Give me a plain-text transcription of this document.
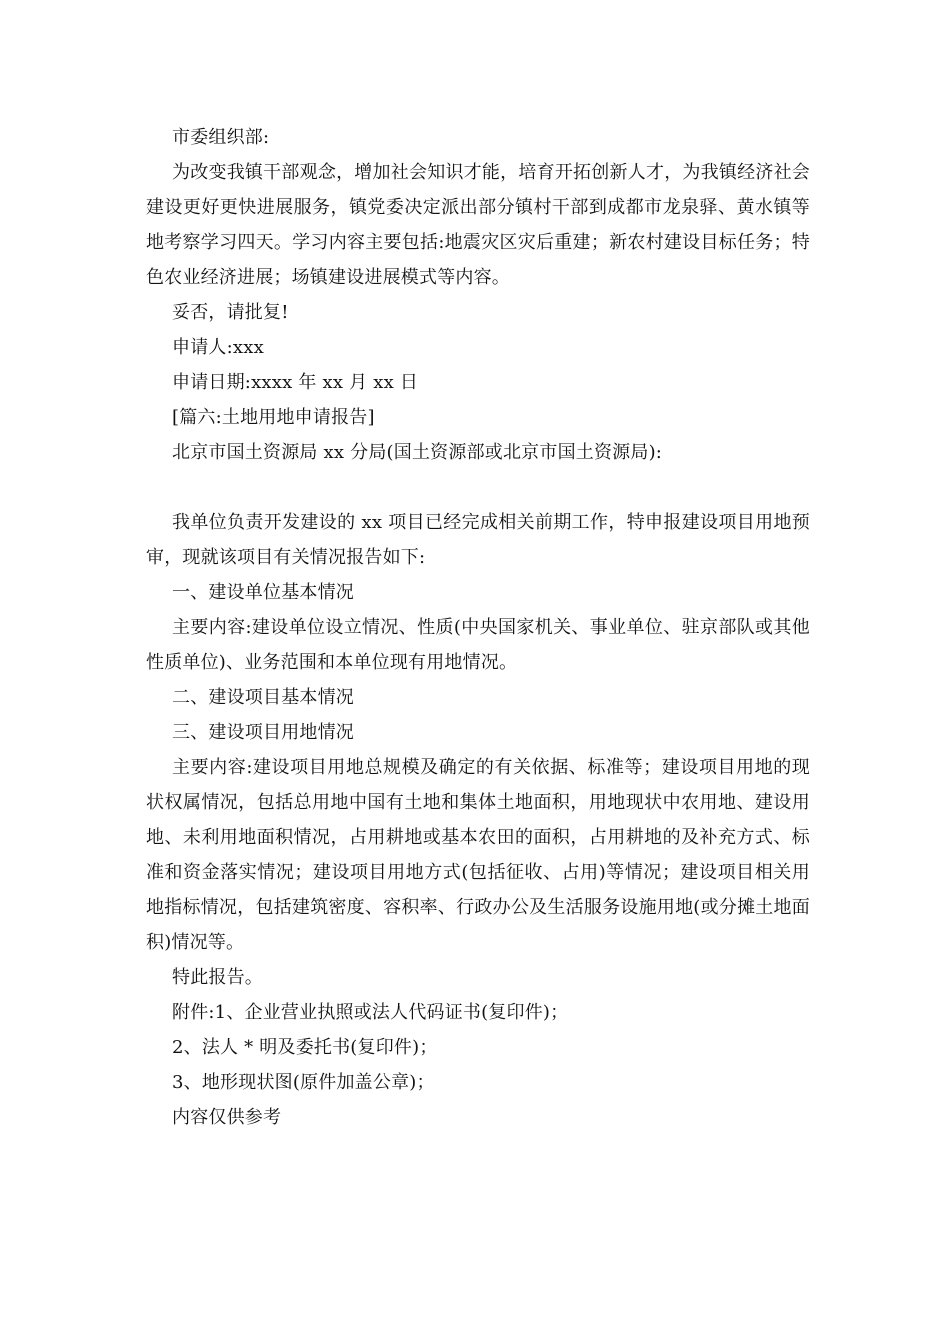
市委组织部:

为改变我镇干部观念，增加社会知识才能，培育开拓创新人才，为我镇经济社会建设更好更快进展服务，镇党委决定派出部分镇村干部到成都市龙泉驿、黄水镇等地考察学习四天。学习内容主要包括:地震灾区灾后重建；新农村建设目标任务；特色农业经济进展；场镇建设进展模式等内容。

妥否，请批复!

申请人:xxx

申请日期:xxxx 年 xx 月 xx 日

[篇六:土地用地申请报告]

北京市国土资源局 xx 分局(国土资源部或北京市国土资源局):

我单位负责开发建设的 xx 项目已经完成相关前期工作，特申报建设项目用地预审，现就该项目有关情况报告如下:

一、建设单位基本情况

主要内容:建设单位设立情况、性质(中央国家机关、事业单位、驻京部队或其他性质单位)、业务范围和本单位现有用地情况。

二、建设项目基本情况

三、建设项目用地情况

主要内容:建设项目用地总规模及确定的有关依据、标准等；建设项目用地的现状权属情况，包括总用地中国有土地和集体土地面积，用地现状中农用地、建设用地、未利用地面积情况，占用耕地或基本农田的面积，占用耕地的及补充方式、标准和资金落实情况；建设项目用地方式(包括征收、占用)等情况；建设项目相关用地指标情况，包括建筑密度、容积率、行政办公及生活服务设施用地(或分摊土地面积)情况等。

特此报告。

附件:1、企业营业执照或法人代码证书(复印件)；

2、法人 * 明及委托书(复印件)；

3、地形现状图(原件加盖公章)；

内容仅供参考
